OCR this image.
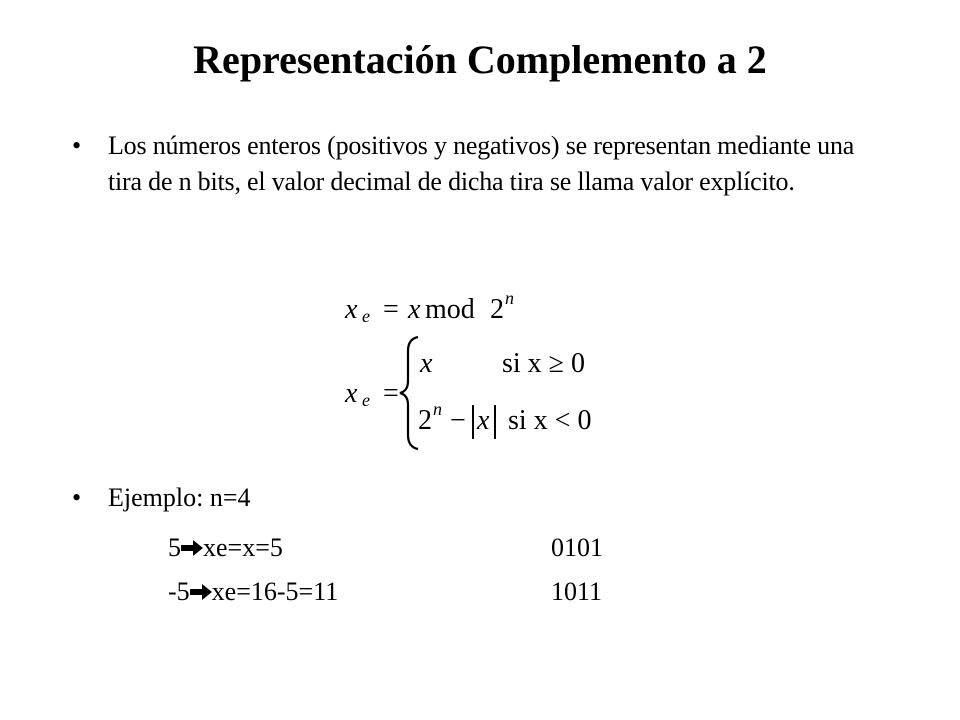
Representación Complemento a 2
• Los números enteros (positivos y negativos) se representan mediante una tira de n bits, el valor decimal de dicha tira se llama valor explícito.
x e = x mod 2 n
x e =
x si x ≥ 0
2 n − x si x < 0
• Ejemplo: n=4
5 xe=x=5	0101
-5 xe=16-5=11	1011
